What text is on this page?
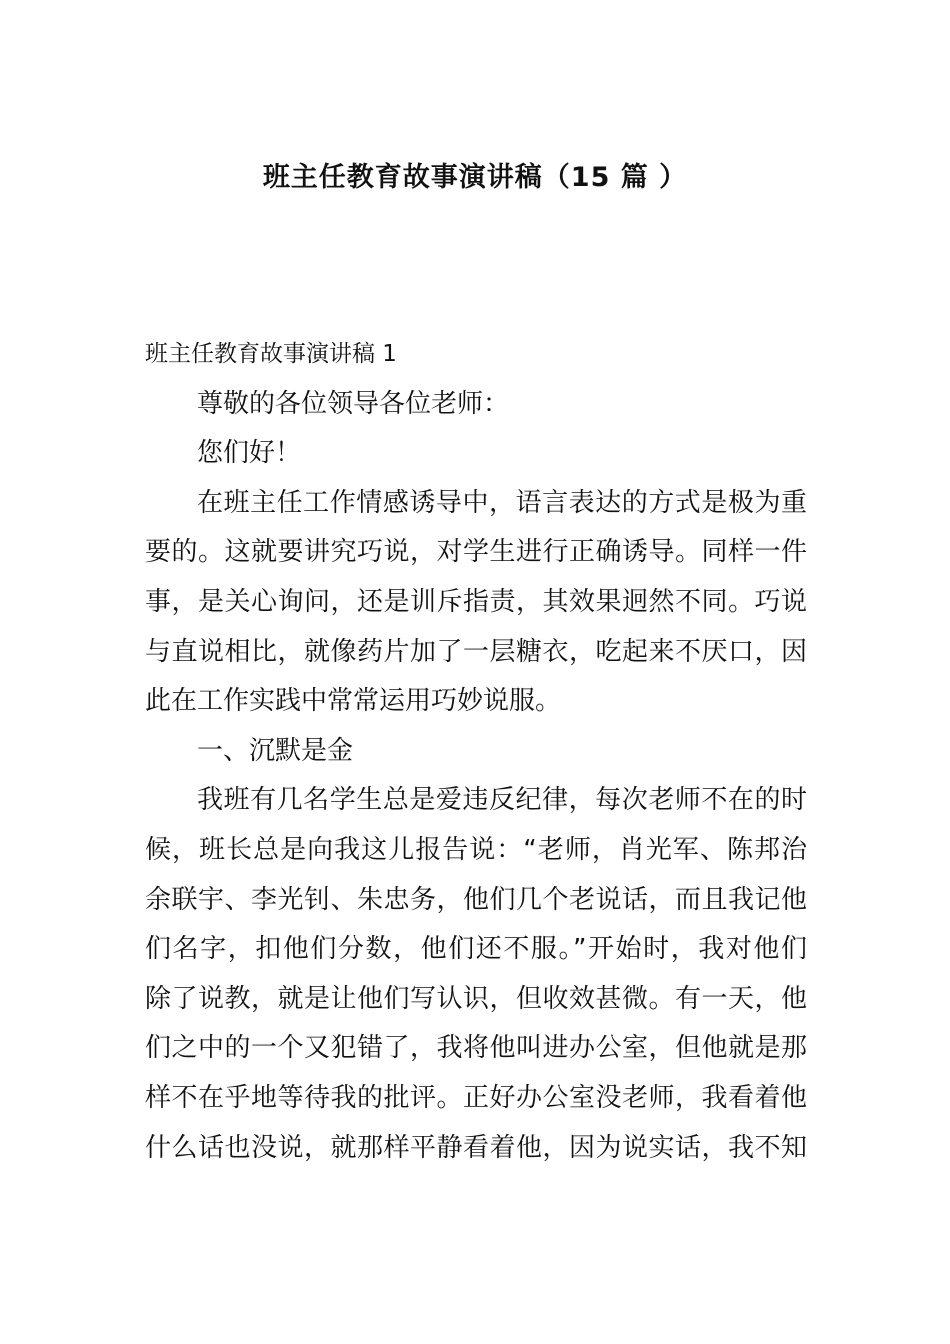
班主任教育故事演讲稿（15 篇 ）
班主任教育故事演讲稿 1
尊敬的各位领导各位老师：
您们好！
在班主任工作情感诱导中，语言表达的方式是极为重
要的。这就要讲究巧说，对学生进行正确诱导。同样一件
事，是关心询问，还是训斥指责，其效果迥然不同。巧说
与直说相比，就像药片加了一层糖衣，吃起来不厌口，因
此在工作实践中常常运用巧妙说服。
一、沉默是金
我班有几名学生总是爱违反纪律，每次老师不在的时
候，班长总是向我这儿报告说：“老师，肖光军、陈邦治
余联宇、李光钊、朱忠务，他们几个老说话，而且我记他
们名字，扣他们分数，他们还不服。”开始时，我对他们
除了说教，就是让他们写认识，但收效甚微。有一天，他
们之中的一个又犯错了，我将他叫进办公室，但他就是那
样不在乎地等待我的批评。正好办公室没老师，我看着他
什么话也没说，就那样平静看着他，因为说实话，我不知
